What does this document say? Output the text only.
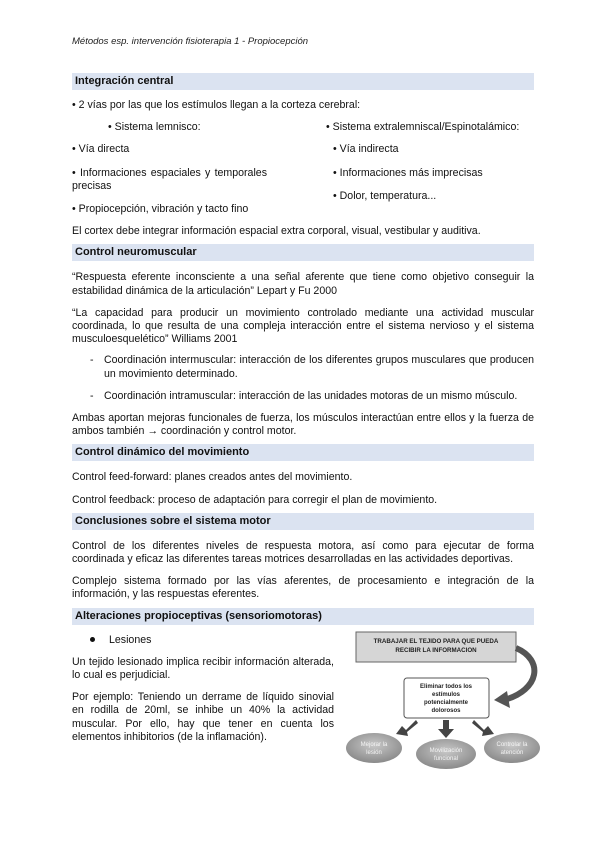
Métodos esp. intervención fisioterapia 1 - Propiocepción
Integración central

• 2 vías por las que los estímulos llegan a la corteza cerebral:

• Sistema lemnisco:	• Sistema extralemniscal/Espinotalámico:

• Vía directa

• Informaciones espaciales y temporales precisas

• Propiocepción, vibración y tacto fino

• Vía indirecta

• Informaciones más imprecisas

• Dolor, temperatura...

El cortex debe integrar información espacial extra corporal, visual, vestibular y auditiva.

Control neuromuscular

“Respuesta eferente inconsciente a una señal aferente que tiene como objetivo conseguir la estabilidad dinámica de la articulación” Lepart y Fu 2000

“La capacidad para producir un movimiento controlado mediante una actividad muscular coordinada, lo que resulta de una compleja interacción entre el sistema nervioso y el sistema musculoesquelético” Williams 2001

- Coordinación intermuscular: interacción de los diferentes grupos musculares que producen un movimiento determinado.
- Coordinación intramuscular: interacción de las unidades motoras de un mismo músculo.

Ambas aportan mejoras funcionales de fuerza, los músculos interactúan entre ellos y la fuerza de ambos también → coordinación y control motor.

Control dinámico del movimiento

Control feed-forward: planes creados antes del movimiento.

Control feedback: proceso de adaptación para corregir el plan de movimiento.

Conclusiones sobre el sistema motor

Control de los diferentes niveles de respuesta motora, así como para ejecutar de forma coordinada y eficaz las diferentes tareas motrices desarrolladas en las actividades deportivas.

Complejo sistema formado por las vías aferentes, de procesamiento e integración de la información, y las respuestas eferentes.

Alteraciones propioceptivas (sensoriomotoras)

Lesiones

Un tejido lesionado implica recibir información alterada, lo cual es perjudicial.

Por ejemplo: Teniendo un derrame de líquido sinovial en rodilla de 20ml, se inhibe un 40% la actividad muscular. Por ello, hay que tener en cuenta los elementos inhibitorios (de la inflamación).

TRABAJAR EL TEJIDO PARA QUE PUEDA
RECIBIR LA INFORMACION
Eliminar todos los
estímulos
potencialmente
dolorosos
Mejorar la
lesión	Movilización
funcional
Controlar la
atención
